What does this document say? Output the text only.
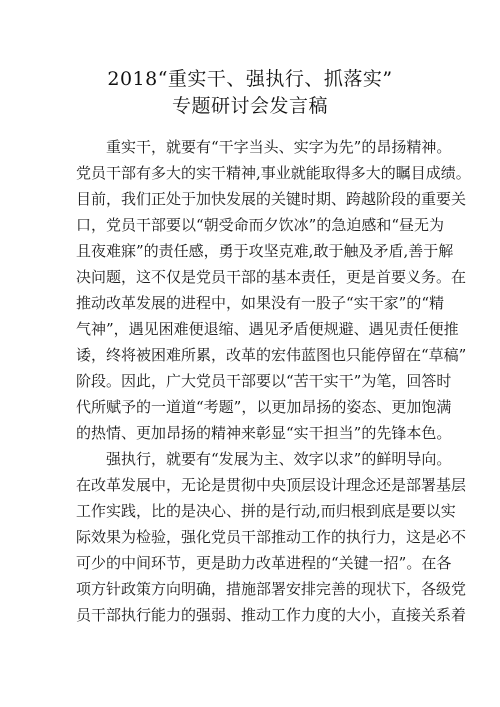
2018“重实干、强执行、抓落实”
专题研讨会发言稿
重实干，就要有“干字当头、实字为先”的昂扬精神。
党员干部有多大的实干精神,事业就能取得多大的瞩目成绩。
目前，我们正处于加快发展的关键时期、跨越阶段的重要关
口，党员干部要以“朝受命而夕饮冰”的急迫感和“昼无为
且夜难寐”的责任感，勇于攻坚克难,敢于触及矛盾,善于解
决问题，这不仅是党员干部的基本责任，更是首要义务。在
推动改革发展的进程中，如果没有一股子“实干家”的“精
气神”，遇见困难便退缩、遇见矛盾便规避、遇见责任便推
诿，终将被困难所累，改革的宏伟蓝图也只能停留在“草稿”
阶段。因此，广大党员干部要以“苦干实干”为笔，回答时
代所赋予的一道道“考题”，以更加昂扬的姿态、更加饱满
的热情、更加昂扬的精神来彰显“实干担当”的先锋本色。
强执行，就要有“发展为主、效字以求”的鲜明导向。
在改革发展中，无论是贯彻中央顶层设计理念还是部署基层
工作实践，比的是决心、拼的是行动,而归根到底是要以实
际效果为检验，强化党员干部推动工作的执行力，这是必不
可少的中间环节，更是助力改革进程的“关键一招”。在各
项方针政策方向明确，措施部署安排完善的现状下，各级党
员干部执行能力的强弱、推动工作力度的大小，直接关系着
